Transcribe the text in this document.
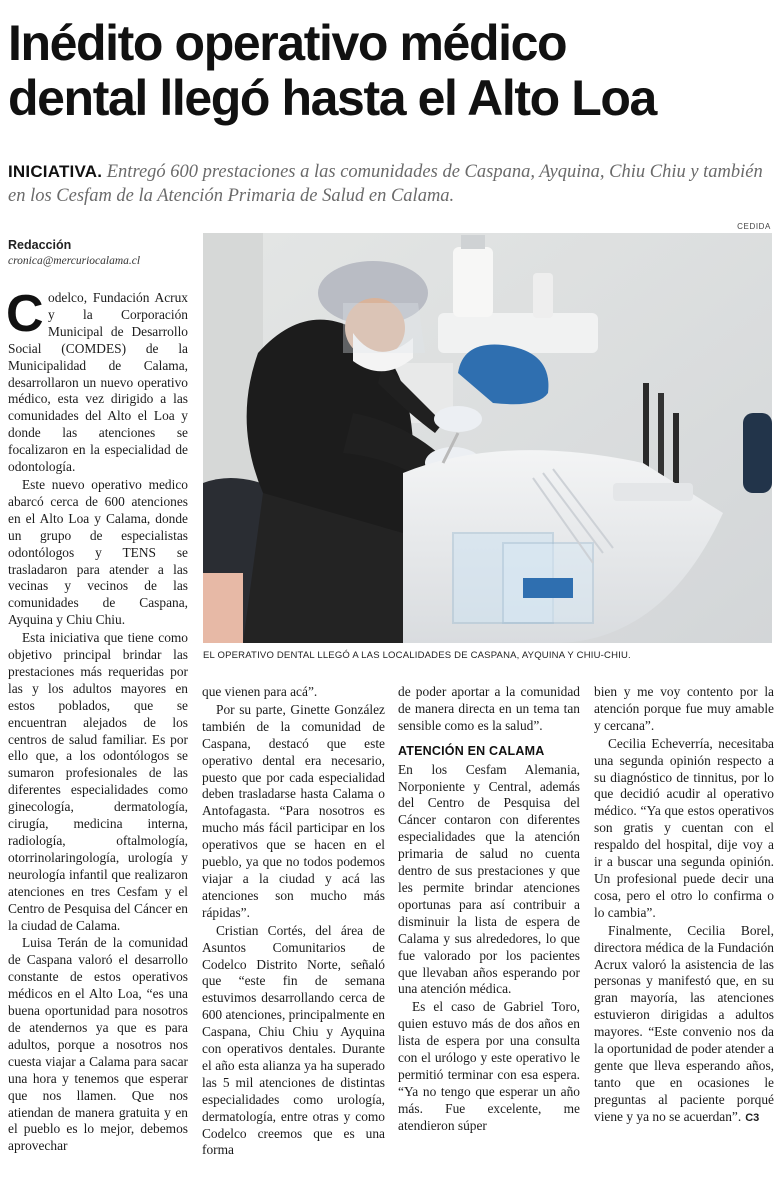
Inédito operativo médico
dental llegó hasta el Alto Loa
INICIATIVA. Entregó 600 prestaciones a las comunidades de Caspana, Ayquina, Chiu Chiu y también en los Cesfam de la Atención Primaria de Salud en Calama.
CEDIDA
Redacción
cronica@mercuriocalama.cl
EL OPERATIVO DENTAL LLEGÓ A LAS LOCALIDADES DE CASPANA, AYQUINA Y CHIU-CHIU.

Codelco, Fundación Acrux y la Corporación Municipal de Desarrollo Social (COMDES) de la Municipalidad de Calama, desarrollaron un nuevo operativo médico, esta vez dirigido a las comunidades del Alto el Loa y donde las atenciones se focalizaron en la especialidad de odontología.

Este nuevo operativo medico abarcó cerca de 600 atenciones en el Alto Loa y Calama, donde un grupo de especialistas odontólogos y TENS se trasladaron para atender a las vecinas y vecinos de las comunidades de Caspana, Ayquina y Chiu Chiu.

Esta iniciativa que tiene como objetivo principal brindar las prestaciones más requeridas por las y los adultos mayores en estos poblados, que se encuentran alejados de los centros de salud familiar. Es por ello que, a los odontólogos se sumaron profesionales de las diferentes especialidades como ginecología, dermatología, cirugía, medicina interna, radiología, oftalmología, otorrinolaringología, urología y neurología infantil que realizaron atenciones en tres Cesfam y el Centro de Pesquisa del Cáncer en la ciudad de Calama.

Luisa Terán de la comunidad de Caspana valoró el desarrollo constante de estos operativos médicos en el Alto Loa, “es una buena oportunidad para nosotros de atendernos ya que es para adultos, porque a nosotros nos cuesta viajar a Calama para sacar una hora y tenemos que esperar que nos llamen. Que nos atiendan de manera gratuita y en el pueblo es lo mejor, debemos aprovechar

que vienen para acá”.

Por su parte, Ginette González también de la comunidad de Caspana, destacó que este operativo dental era necesario, puesto que por cada especialidad deben trasladarse hasta Calama o Antofagasta. “Para nosotros es mucho más fácil participar en los operativos que se hacen en el pueblo, ya que no todos podemos viajar a la ciudad y acá las atenciones son mucho más rápidas”.

Cristian Cortés, del área de Asuntos Comunitarios de Codelco Distrito Norte, señaló que “este fin de semana estuvimos desarrollando cerca de 600 atenciones, principalmente en Caspana, Chiu Chiu y Ayquina con operativos dentales. Durante el año esta alianza ya ha superado las 5 mil atenciones de distintas especialidades como urología, dermatología, entre otras y como Codelco creemos que es una forma

de poder aportar a la comunidad de manera directa en un tema tan sensible como es la salud”.

ATENCIÓN EN CALAMA

En los Cesfam Alemania, Norponiente y Central, además del Centro de Pesquisa del Cáncer contaron con diferentes especialidades que la atención primaria de salud no cuenta dentro de sus prestaciones y que les permite brindar atenciones oportunas para así contribuir a disminuir la lista de espera de Calama y sus alrededores, lo que fue valorado por los pacientes que llevaban años esperando por una atención médica.

Es el caso de Gabriel Toro, quien estuvo más de dos años en lista de espera por una consulta con el urólogo y este operativo le permitió terminar con esa espera. “Ya no tengo que esperar un año más. Fue excelente, me atendieron súper

bien y me voy contento por la atención porque fue muy amable y cercana”.

Cecilia Echeverría, necesitaba una segunda opinión respecto a su diagnóstico de tinnitus, por lo que decidió acudir al operativo médico. “Ya que estos operativos son gratis y cuentan con el respaldo del hospital, dije voy a ir a buscar una segunda opinión. Un profesional puede decir una cosa, pero el otro lo confirma o lo cambia”.

Finalmente, Cecilia Borel, directora médica de la Fundación Acrux valoró la asistencia de las personas y manifestó que, en su gran mayoría, las atenciones estuvieron dirigidas a adultos mayores. “Este convenio nos da la oportunidad de poder atender a gente que lleva esperando años, tanto que en ocasiones le preguntas al paciente porqué viene y ya no se acuerdan”. C3
